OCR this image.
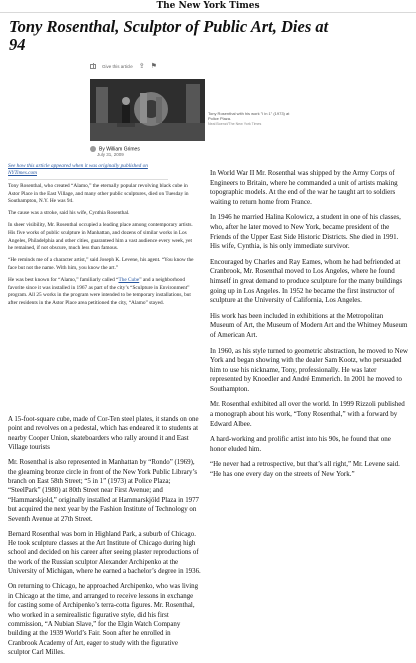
The New York Times
Tony Rosenthal, Sculptor of Public Art, Dies at 94
Give this article ⇪ ⚑
Tony Rosenthal with his work "I in 1" (1973) at Police Plaza.
Neal Boenzi/The New York Times
By William Grimes
July 31, 2009

See how this article appeared when it was originally published on NYTimes.com

Tony Rosenthal, who created “Alamo,” the eternally popular revolving black cube in Astor Place in the East Village, and many other public sculptures, died on Tuesday in Southampton, N.Y. He was 94.

The cause was a stroke, said his wife, Cynthia Rosenthal.

In sheer visibility, Mr. Rosenthal occupied a leading place among contemporary artists. His five works of public sculpture in Manhattan, and dozens of similar works in Los Angeles, Philadelphia and other cities, guaranteed him a vast audience every week, yet he remained, if not obscure, much less than famous.

“He reminds me of a character artist,” said Joseph K. Levene, his agent. “You know the face but not the name. With him, you know the art.”

He was best known for “Alamo,” familiarly called “The Cube” and a neighborhood favorite since it was installed in 1967 as part of the city’s “Sculpture in Environment” program. All 25 works in the program were intended to be temporary installations, but after residents in the Astor Place area petitioned the city, “Alamo” stayed.

A 15-foot-square cube, made of Cor-Ten steel plates, it stands on one point and revolves on a pedestal, which has endeared it to students at nearby Cooper Union, skateboarders who rally around it and East Village tourists

Mr. Rosenthal is also represented in Manhattan by “Rondo” (1969), the gleaming bronze circle in front of the New York Public Library’s branch on East 58th Street; “5 in 1” (1973) at Police Plaza; “SteelPark” (1980) at 80th Street near First Avenue; and “Hammarskjold,” originally installed at Hammarskjöld Plaza in 1977 but acquired the next year by the Fashion Institute of Technology on Seventh Avenue at 27th Street.

Bernard Rosenthal was born in Highland Park, a suburb of Chicago. He took sculpture classes at the Art Institute of Chicago during high school and decided on his career after seeing plaster reproductions of the work of the Russian sculptor Alexander Archipenko at the University of Michigan, where he earned a bachelor’s degree in 1936.

On returning to Chicago, he approached Archipenko, who was living in Chicago at the time, and arranged to receive lessons in exchange for casting some of Archipenko’s terra-cotta figures. Mr. Rosenthal, who worked in a semirealistic figurative style, did his first commission, “A Nubian Slave,” for the Elgin Watch Company building at the 1939 World’s Fair. Soon after he enrolled in Cranbrook Academy of Art, eager to study with the figurative sculptor Carl Milles.

In World War II Mr. Rosenthal was shipped by the Army Corps of Engineers to Britain, where he commanded a unit of artists making topographic models. At the end of the war he taught art to soldiers waiting to return home from France.

In 1946 he married Halina Kolowicz, a student in one of his classes, who, after he later moved to New York, became president of the Friends of the Upper East Side Historic Districts. She died in 1991. His wife, Cynthia, is his only immediate survivor.

Encouraged by Charles and Ray Eames, whom he had befriended at Cranbrook, Mr. Rosenthal moved to Los Angeles, where he found himself in great demand to produce sculpture for the many buildings going up in Los Angeles. In 1952 he became the first instructor of sculpture at the University of California, Los Angeles.

His work has been included in exhibitions at the Metropolitan Museum of Art, the Museum of Modern Art and the Whitney Museum of American Art.

In 1960, as his style turned to geometric abstraction, he moved to New York and began showing with the dealer Sam Kootz, who persuaded him to use his nickname, Tony, professionally. He was later represented by Knoedler and André Emmerich. In 2001 he moved to Southampton.

Mr. Rosenthal exhibited all over the world. In 1999 Rizzoli published a monograph about his work, “Tony Rosenthal,” with a forward by Edward Albee.

A hard-working and prolific artist into his 90s, he found that one honor eluded him.

“He never had a retrospective, but that’s all right,” Mr. Levene said. “He has one every day on the streets of New York.”
